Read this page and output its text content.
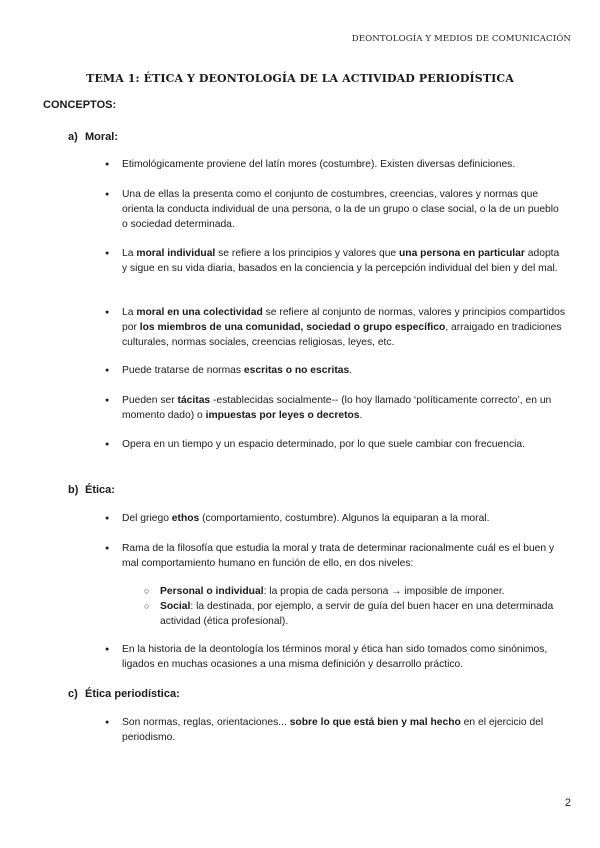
DEONTOLOGÍA Y MEDIOS DE COMUNICACIÓN
TEMA 1: ÉTICA Y DEONTOLOGÍA DE LA ACTIVIDAD PERIODÍSTICA
CONCEPTOS:
a) Moral:
● Etimológicamente proviene del latín mores (costumbre). Existen diversas definiciones.
● Una de ellas la presenta como el conjunto de costumbres, creencias, valores y normas que orienta la conducta individual de una persona, o la de un grupo o clase social, o la de un pueblo o sociedad determinada.
● La moral individual se refiere a los principios y valores que una persona en particular adopta y sigue en su vida diaria, basados en la conciencia y la percepción individual del bien y del mal.
● La moral en una colectividad se refiere al conjunto de normas, valores y principios compartidos por los miembros de una comunidad, sociedad o grupo específico, arraigado en tradiciones culturales, normas sociales, creencias religiosas, leyes, etc.
● Puede tratarse de normas escritas o no escritas.
● Pueden ser tácitas -establecidas socialmente-- (lo hoy llamado ‘políticamente correcto’, en un momento dado) o impuestas por leyes o decretos.
● Opera en un tiempo y un espacio determinado, por lo que suele cambiar con frecuencia.
b) Ética:
● Del griego ethos (comportamiento, costumbre). Algunos la equiparan a la moral.
● Rama de la filosofía que estudia la moral y trata de determinar racionalmente cuál es el buen y mal comportamiento humano en función de ello, en dos niveles:
○ Personal o individual: la propia de cada persona → imposible de imponer.
○ Social: la destinada, por ejemplo, a servir de guía del buen hacer en una determinada actividad (ética profesional).
● En la historia de la deontología los términos moral y ética han sido tomados como sinónimos, ligados en muchas ocasiones a una misma definición y desarrollo práctico.
c) Ética periodística:
● Son normas, reglas, orientaciones... sobre lo que está bien y mal hecho en el ejercicio del periodismo.
2
